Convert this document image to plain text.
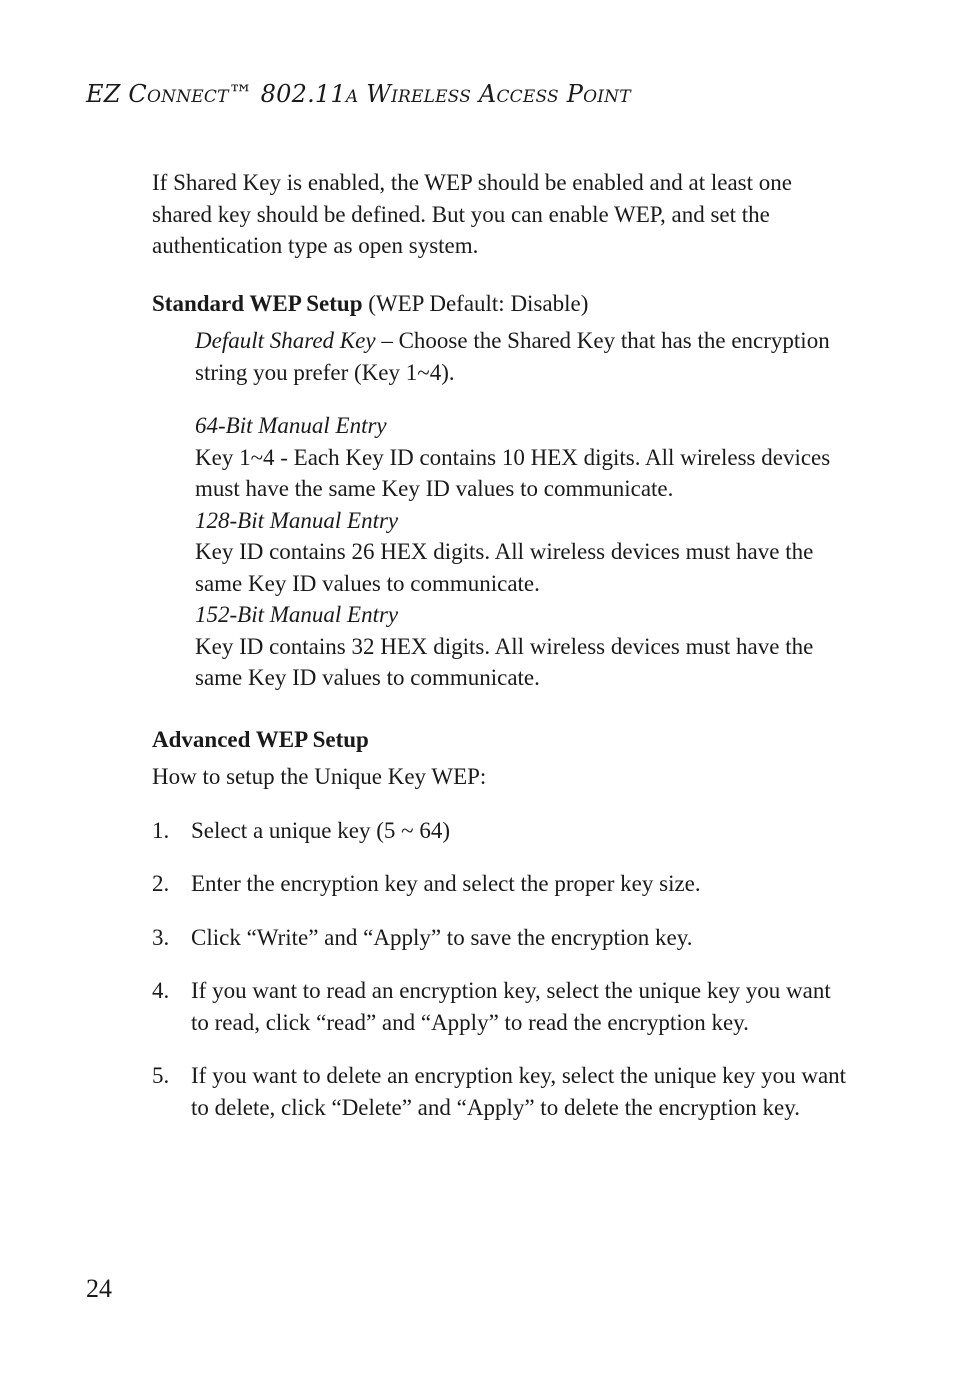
EZ CONNECT™ 802.11A WIRELESS ACCESS POINT

If Shared Key is enabled, the WEP should be enabled and at least one shared key should be defined. But you can enable WEP, and set the authentication type as open system.

Standard WEP Setup (WEP Default: Disable)

Default Shared Key – Choose the Shared Key that has the encryption string you prefer (Key 1~4).

64-Bit Manual Entry

Key 1~4 - Each Key ID contains 10 HEX digits. All wireless devices must have the same Key ID values to communicate.

128-Bit Manual Entry

Key ID contains 26 HEX digits. All wireless devices must have the same Key ID values to communicate.

152-Bit Manual Entry

Key ID contains 32 HEX digits. All wireless devices must have the same Key ID values to communicate.

Advanced WEP Setup

How to setup the Unique Key WEP:

1. Select a unique key (5 ~ 64)
2. Enter the encryption key and select the proper key size.
3. Click “Write” and “Apply” to save the encryption key.
4. If you want to read an encryption key, select the unique key you want to read, click “read” and “Apply” to read the encryption key.
5. If you want to delete an encryption key, select the unique key you want to delete, click “Delete” and “Apply” to delete the encryption key.
24
